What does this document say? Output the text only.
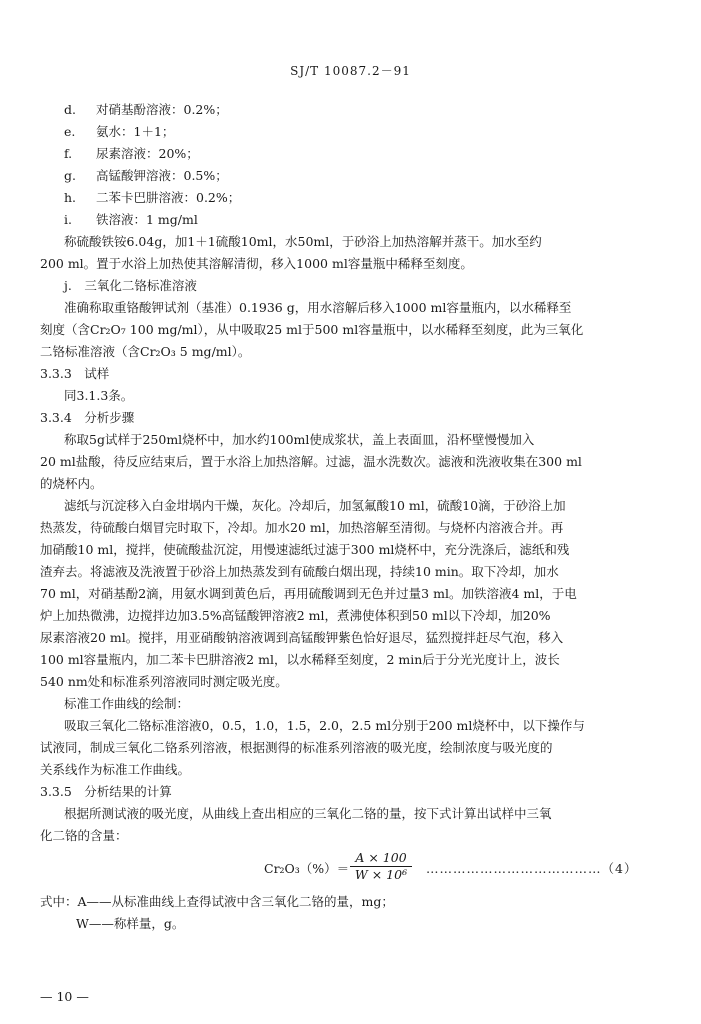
SJ/T 10087.2－91
d.	对硝基酚溶液：0.2%；
e.	氨水：1＋1；
f.	尿素溶液：20%；
g.	高锰酸钾溶液：0.5%；
h.	二苯卡巴肼溶液：0.2%；
i.	铁溶液：1 mg/ml
称硫酸铁铵6.04g，加1＋1硫酸10ml，水50ml，于砂浴上加热溶解并蒸干。加水至约
200 ml。置于水浴上加热使其溶解清彻，移入1000 ml容量瓶中稀释至刻度。
j.　三氧化二铬标准溶液
准确称取重铬酸钾试剂（基准）0.1936 g，用水溶解后移入1000 ml容量瓶内，以水稀释至
刻度（含Cr₂O₇ 100 mg/ml），从中吸取25 ml于500 ml容量瓶中，以水稀释至刻度，此为三氧化
二铬标准溶液（含Cr₂O₃ 5 mg/ml）。
3.3.3　试样
同3.1.3条。
3.3.4　分析步骤
称取5g试样于250ml烧杯中，加水约100ml使成浆状，盖上表面皿，沿杯壁慢慢加入
20 ml盐酸，待反应结束后，置于水浴上加热溶解。过滤，温水洗数次。滤液和洗液收集在300 ml
的烧杯内。
滤纸与沉淀移入白金坩埚内干燥，灰化。冷却后，加氢氟酸10 ml，硫酸10滴，于砂浴上加
热蒸发，待硫酸白烟冒完时取下，冷却。加水20 ml，加热溶解至清彻。与烧杯内溶液合并。再
加硝酸10 ml，搅拌，使硫酸盐沉淀，用慢速滤纸过滤于300 ml烧杯中，充分洗涤后，滤纸和残
渣弃去。将滤液及洗液置于砂浴上加热蒸发到有硫酸白烟出现，持续10 min。取下冷却，加水
70 ml，对硝基酚2滴，用氨水调到黄色后，再用硫酸调到无色并过量3 ml。加铁溶液4 ml，于电
炉上加热微沸，边搅拌边加3.5%高锰酸钾溶液2 ml，煮沸使体积到50 ml以下冷却，加20%
尿素溶液20 ml。搅拌，用亚硝酸钠溶液调到高锰酸钾紫色恰好退尽，猛烈搅拌赶尽气泡，移入
100 ml容量瓶内，加二苯卡巴肼溶液2 ml，以水稀释至刻度，2 min后于分光光度计上，波长
540 nm处和标准系列溶液同时测定吸光度。
标准工作曲线的绘制：
吸取三氧化二铬标准溶液0，0.5，1.0，1.5，2.0，2.5 ml分别于200 ml烧杯中，以下操作与
试液同，制成三氧化二铬系列溶液，根据测得的标准系列溶液的吸光度，绘制浓度与吸光度的
关系线作为标准工作曲线。
3.3.5　分析结果的计算
根据所测试液的吸光度，从曲线上查出相应的三氧化二铬的量，按下式计算出试样中三氧
化二铬的含量：
$Cr_2O_3(\%)= \frac{A \times 100}{\text{W × 10⁶}}$ …………………………………（4）
式中：A——从标准曲线上查得试液中含三氧化二铬的量，mg；
W——称样量，g。
— 10 —
